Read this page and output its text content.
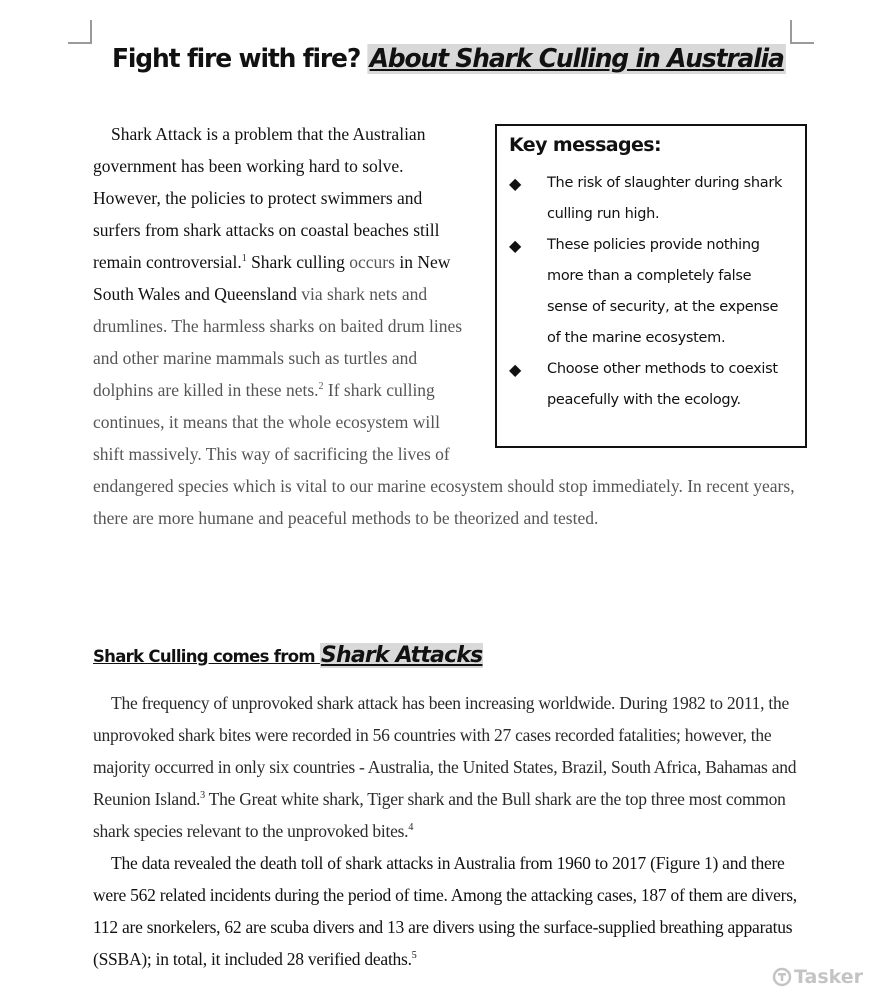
Fight fire with fire? About Shark Culling in Australia
Key messages:
◆	The risk of slaughter during shark culling run high.
◆	These policies provide nothing more than a completely false sense of security, at the expense of the marine ecosystem.
◆	Choose other methods to coexist peacefully with the ecology.
Shark Attack is a problem that the Australian government has been working hard to solve. However, the policies to protect swimmers and surfers from shark attacks on coastal beaches still remain controversial.$^1$ Shark culling occurs in New South Wales and Queensland via shark nets and drumlines. The harmless sharks on baited drum lines and other marine mammals such as turtles and dolphins are killed in these nets.$^2$ If shark culling continues, it means that the whole ecosystem will shift massively. This way of sacrificing the lives of endangered species which is vital to our marine ecosystem should stop immediately. In recent years, there are more humane and peaceful methods to be theorized and tested.
Shark Culling comes from Shark Attacks

The frequency of unprovoked shark attack has been increasing worldwide. During 1982 to 2011, the unprovoked shark bites were recorded in 56 countries with 27 cases recorded fatalities; however, the majority occurred in only six countries - Australia, the United States, Brazil, South Africa, Bahamas and Reunion Island.$^3$ The Great white shark, Tiger shark and the Bull shark are the top three most common shark species relevant to the unprovoked bites.$^4$

The data revealed the death toll of shark attacks in Australia from 1960 to 2017 (Figure 1) and there were 562 related incidents during the period of time. Among the attacking cases, 187 of them are divers, 112 are snorkelers, 62 are scuba divers and 13 are divers using the surface-supplied breathing apparatus (SSBA); in total, it included 28 verified deaths.$^5$

Tasker
